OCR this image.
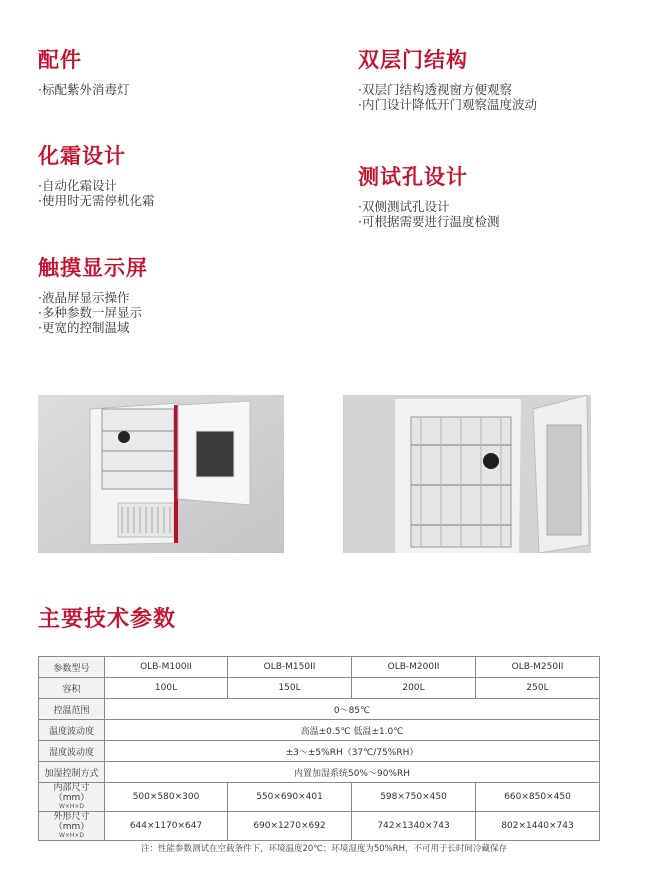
配件
· 标配紫外消毒灯
双层门结构
· 双层门结构透视窗方便观察
· 内门设计降低开门观察温度波动
化霜设计
· 自动化霜设计
· 使用时无需停机化霜
测试孔设计
· 双侧测试孔设计
· 可根据需要进行温度检测
触摸显示屏
· 液晶屏显示操作
· 多种参数一屏显示
· 更宽的控制温域
主要技术参数
参数型号	OLB-M100II	OLB-M150II	OLB-M200II	OLB-M250II
容积	100L	150L	200L	250L
控温范围	0～85℃			
温度波动度	高温±0.5℃ 低温±1.0℃			
湿度波动度	±3～±5%RH（37℃/75%RH）			
加湿控制方式	内置加湿系统50%～90%RH			

内部尺寸（mm）
W×H×D	500×580×300	550×690×401	598×750×450	660×850×450

外形尺寸（mm）
W×H×D	644×1170×647	690×1270×692	742×1340×743	802×1440×743
注：性能参数测试在空载条件下，环境温度20℃；环境湿度为50%RH，不可用于长时间冷藏保存
